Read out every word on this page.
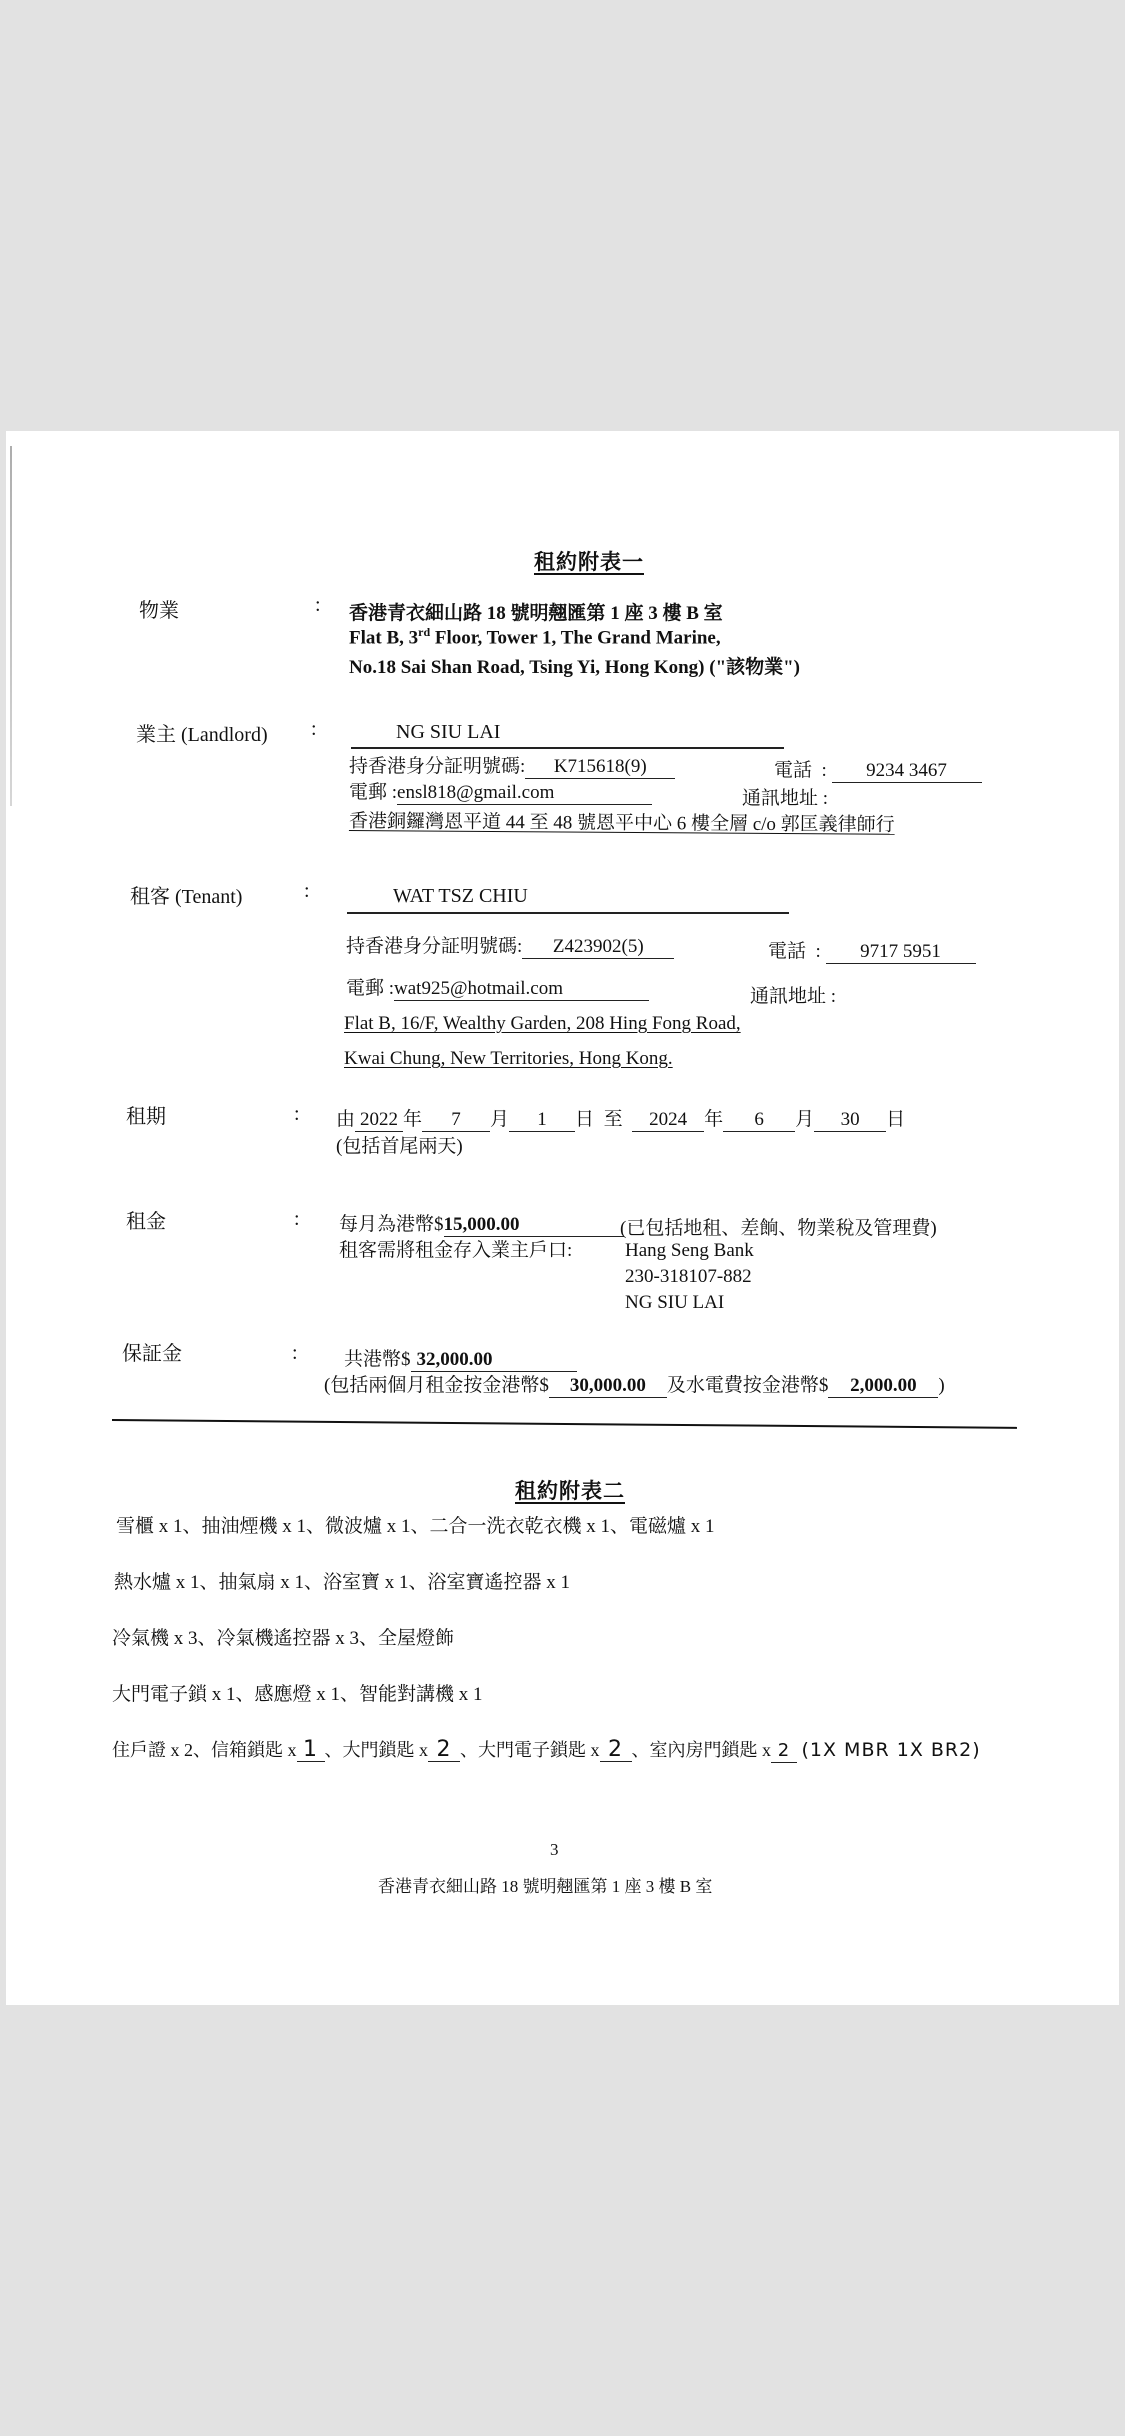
租約附表一
物業	: 香港青衣細山路 18 號明翹匯第 1 座 3 樓 B 室
Flat B, 3rd Floor, Tower 1, The Grand Marine,
No.18 Sai Shan Road, Tsing Yi, Hong Kong) ("該物業")
業主 (Landlord) :	NG SIU LAI
持香港身分証明號碼: K715618(9)	電話 : 9234 3467
電郵 :ensl818@gmail.com	通訊地址 :
香港銅鑼灣恩平道 44 至 48 號恩平中心 6 樓全層 c/o 郭匡義律師行
租客 (Tenant)	:	WAT TSZ CHIU
持香港身分証明號碼: Z423902(5)	電話 : 9717 5951
電郵 :wat925@hotmail.com	通訊地址 :
Flat B, 16/F, Wealthy Garden, 208 Hing Fong Road,
Kwai Chung, New Territories, Hong Kong.
租期	: 由 2022 年 7 月 1 日 至 2024 年 6 月 30 日
(包括首尾兩天)
租金	: 每月為港幣$15,000.00	(已包括地租、差餉、物業稅及管理費)
租客需將租金存入業主戶口:	Hang Seng Bank
230-318107-882
NG SIU LAI
保証金	: 共港幣$ 32,000.00
(包括兩個月租金按金港幣$ 30,000.00 及水電費按金港幣$ 2,000.00 )
租約附表二
雪櫃 x 1、抽油煙機 x 1、微波爐 x 1、二合一洗衣乾衣機 x 1、電磁爐 x 1
熱水爐 x 1、抽氣扇 x 1、浴室寶 x 1、浴室寶遙控器 x 1
冷氣機 x 3、冷氣機遙控器 x 3、全屋燈飾
大門電子鎖 x 1、感應燈 x 1、智能對講機 x 1
住戶證 x 2、信箱鎖匙 x 1 、大門鎖匙 x 2 、大門電子鎖匙 x 2 、室內房門鎖匙 x 2 (1X MBR 1X BR2)
3
香港青衣細山路 18 號明翹匯第 1 座 3 樓 B 室
